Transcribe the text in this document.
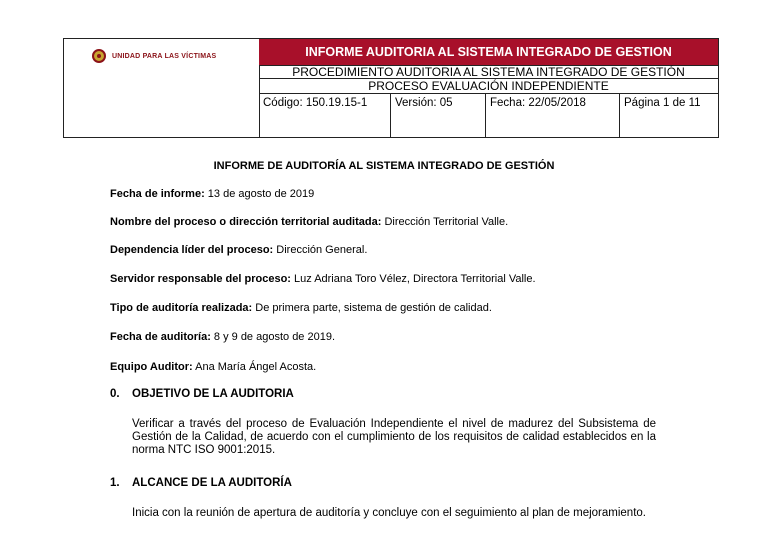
UNIDAD PARA LAS VÍCTIMAS	INFORME AUDITORIA AL SISTEMA INTEGRADO DE GESTION
PROCEDIMIENTO AUDITORIA AL SISTEMA INTEGRADO DE GESTIÓN
PROCESO EVALUACIÓN INDEPENDIENTE
Código: 150.19.15-1	Versión: 05	Fecha: 22/05/2018	Página 1 de 11
INFORME DE AUDITORÍA AL SISTEMA INTEGRADO DE GESTIÓN
Fecha de informe: 13 de agosto de 2019
Nombre del proceso o dirección territorial auditada: Dirección Territorial Valle.
Dependencia líder del proceso: Dirección General.
Servidor responsable del proceso: Luz Adriana Toro Vélez, Directora Territorial Valle.
Tipo de auditoría realizada: De primera parte, sistema de gestión de calidad.
Fecha de auditoría: 8 y 9 de agosto de 2019.
Equipo Auditor: Ana María Ángel Acosta.
0. OBJETIVO DE LA AUDITORIA
Verificar a través del proceso de Evaluación Independiente el nivel de madurez del Subsistema de Gestión de la Calidad, de acuerdo con el cumplimiento de los requisitos de calidad establecidos en la norma NTC ISO 9001:2015.
1. ALCANCE DE LA AUDITORÍA
Inicia con la reunión de apertura de auditoría y concluye con el seguimiento al plan de mejoramiento.
